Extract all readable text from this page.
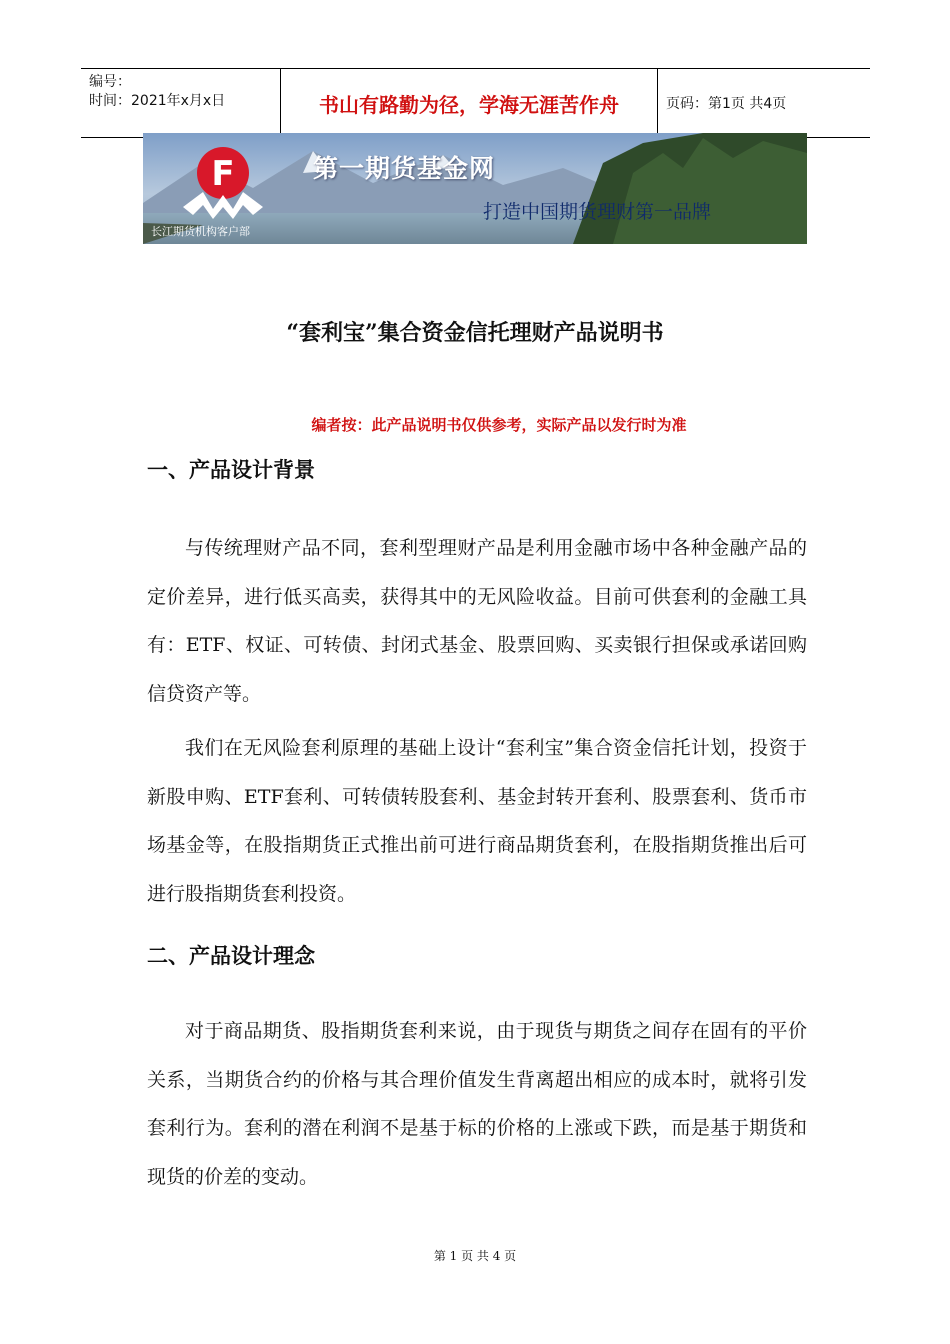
编号：
时间：2021年x月x日	书山有路勤为径，学海无涯苦作舟	页码：第1页 共4页
F	第一期货基金网
打造中国期货理财第一品牌
长江期货机构客户部
“套利宝”集合资金信托理财产品说明书
编者按：此产品说明书仅供参考，实际产品以发行时为准
一、产品设计背景
与传统理财产品不同，套利型理财产品是利用金融市场中各种金融产品的定价差异，进行低买高卖，获得其中的无风险收益。目前可供套利的金融工具有：ETF、权证、可转债、封闭式基金、股票回购、买卖银行担保或承诺回购信贷资产等。
我们在无风险套利原理的基础上设计“套利宝”集合资金信托计划，投资于新股申购、ETF套利、可转债转股套利、基金封转开套利、股票套利、货币市场基金等，在股指期货正式推出前可进行商品期货套利，在股指期货推出后可进行股指期货套利投资。
二、产品设计理念
对于商品期货、股指期货套利来说，由于现货与期货之间存在固有的平价关系，当期货合约的价格与其合理价值发生背离超出相应的成本时，就将引发套利行为。套利的潜在利润不是基于标的价格的上涨或下跌，而是基于期货和现货的价差的变动。
第 1 页 共 4 页
